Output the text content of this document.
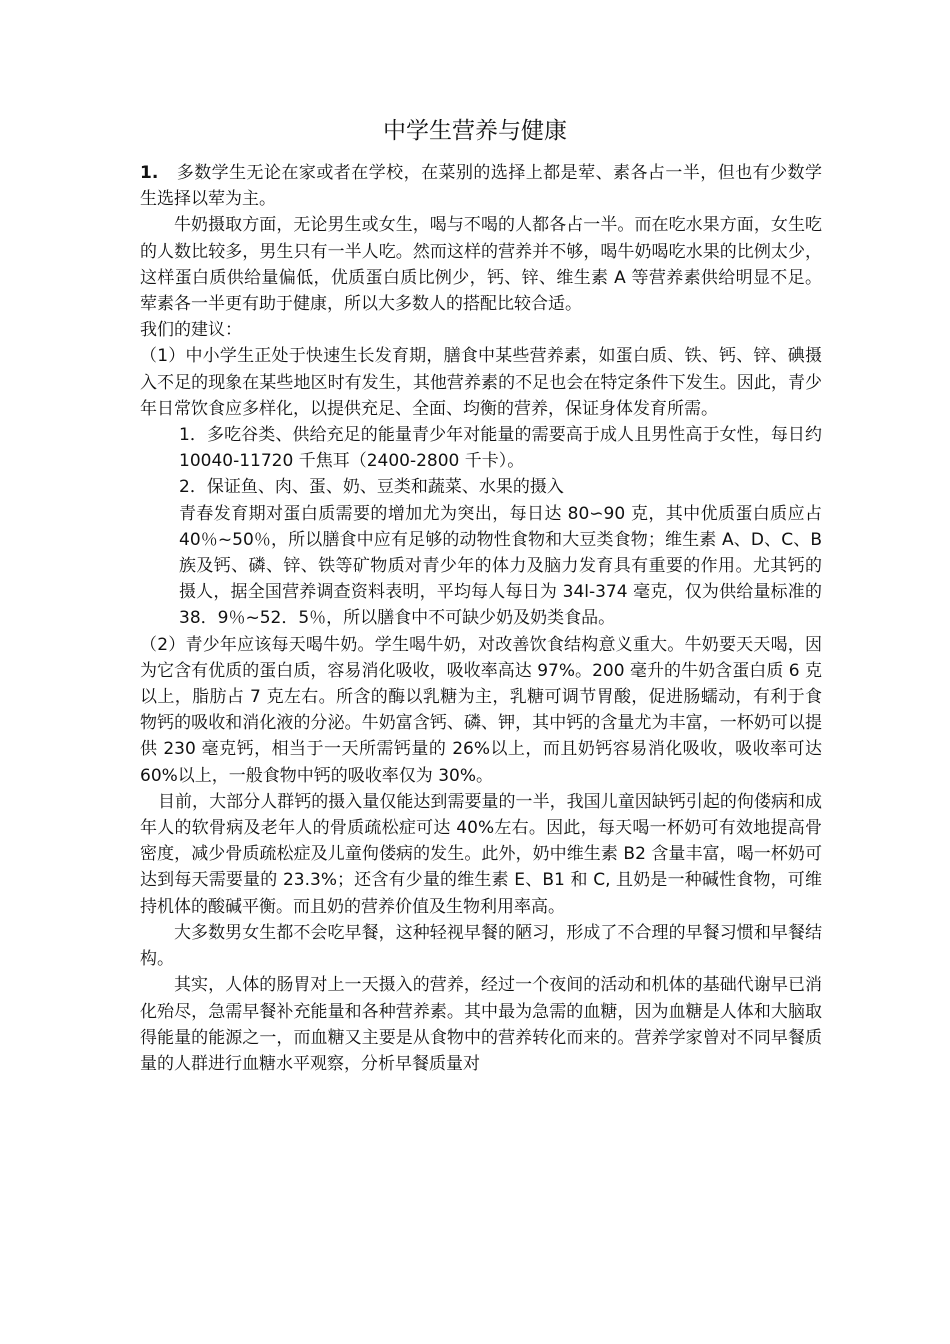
中学生营养与健康

1. 多数学生无论在家或者在学校，在菜别的选择上都是荤、素各占一半，但也有少数学生选择以荤为主。

牛奶摄取方面，无论男生或女生，喝与不喝的人都各占一半。而在吃水果方面，女生吃的人数比较多，男生只有一半人吃。然而这样的营养并不够，喝牛奶喝吃水果的比例太少，这样蛋白质供给量偏低，优质蛋白质比例少，钙、锌、维生素 A 等营养素供给明显不足。荤素各一半更有助于健康，所以大多数人的搭配比较合适。

我们的建议：

（1）中小学生正处于快速生长发育期，膳食中某些营养素，如蛋白质、铁、钙、锌、碘摄入不足的现象在某些地区时有发生，其他营养素的不足也会在特定条件下发生。因此，青少年日常饮食应多样化，以提供充足、全面、均衡的营养，保证身体发育所需。

1．多吃谷类、供给充足的能量青少年对能量的需要高于成人且男性高于女性，每日约 10040-11720 千焦耳（2400-2800 千卡）。

2．保证鱼、肉、蛋、奶、豆类和蔬菜、水果的摄入

青春发育期对蛋白质需要的增加尤为突出，每日达 80∽90 克，其中优质蛋白质应占 40％~50％，所以膳食中应有足够的动物性食物和大豆类食物；维生素 A、D、C、B 族及钙、磷、锌、铁等矿物质对青少年的体力及脑力发育具有重要的作用。尤其钙的摄人，据全国营养调查资料表明，平均每人每日为 34l-374 毫克，仅为供给量标准的 38．9％~52．5％，所以膳食中不可缺少奶及奶类食品。

（2）青少年应该每天喝牛奶。学生喝牛奶，对改善饮食结构意义重大。牛奶要天天喝，因为它含有优质的蛋白质，容易消化吸收，吸收率高达 97%。200 毫升的牛奶含蛋白质 6 克以上，脂肪占 7 克左右。所含的酶以乳糖为主，乳糖可调节胃酸，促进肠蠕动，有利于食物钙的吸收和消化液的分泌。牛奶富含钙、磷、钾，其中钙的含量尤为丰富，一杯奶可以提供 230 毫克钙，相当于一天所需钙量的 26%以上，而且奶钙容易消化吸收，吸收率可达 60%以上，一般食物中钙的吸收率仅为 30%。

目前，大部分人群钙的摄入量仅能达到需要量的一半，我国儿童因缺钙引起的佝偻病和成年人的软骨病及老年人的骨质疏松症可达 40%左右。因此，每天喝一杯奶可有效地提高骨密度，减少骨质疏松症及儿童佝偻病的发生。此外，奶中维生素 B2 含量丰富，喝一杯奶可达到每天需要量的 23.3%；还含有少量的维生素 E、B1 和 C, 且奶是一种碱性食物，可维持机体的酸碱平衡。而且奶的营养价值及生物利用率高。

大多数男女生都不会吃早餐，这种轻视早餐的陋习，形成了不合理的早餐习惯和早餐结构。

其实，人体的肠胃对上一天摄入的营养，经过一个夜间的活动和机体的基础代谢早已消化殆尽，急需早餐补充能量和各种营养素。其中最为急需的血糖，因为血糖是人体和大脑取得能量的能源之一，而血糖又主要是从食物中的营养转化而来的。营养学家曾对不同早餐质量的人群进行血糖水平观察，分析早餐质量对
